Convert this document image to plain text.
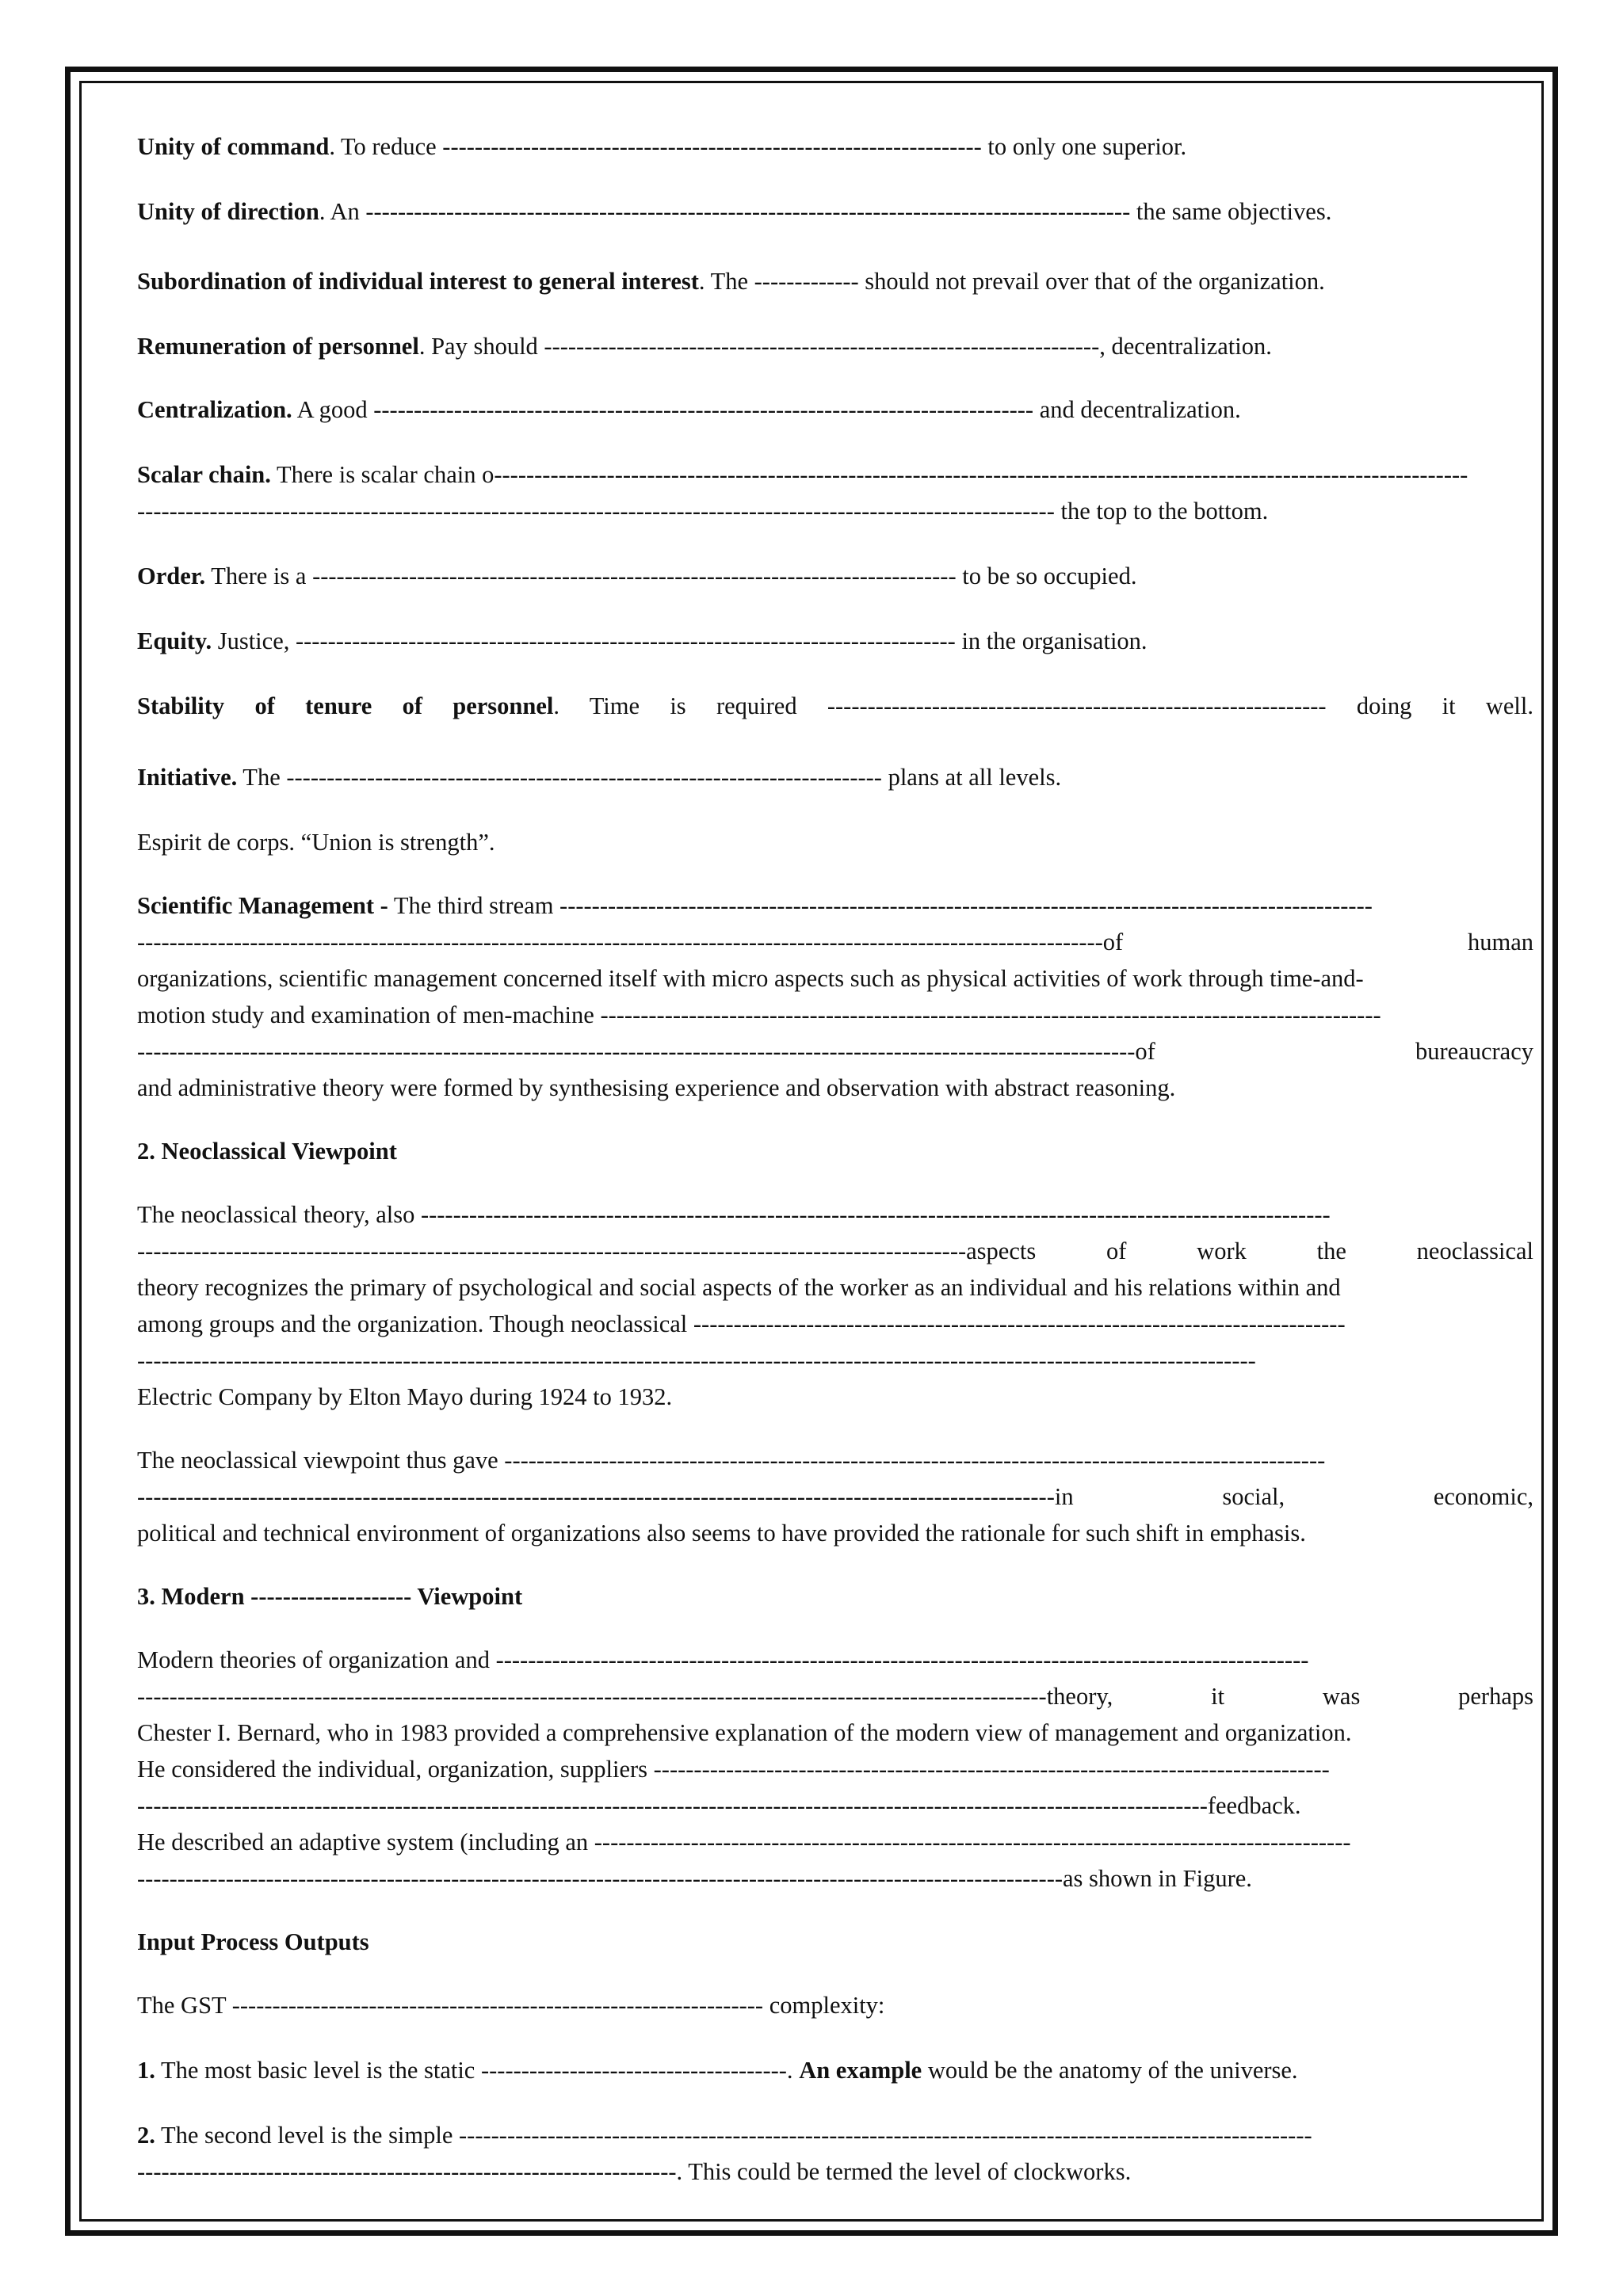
Unity of command. To reduce ------------------------------------------------------------------- to only one superior.

Unity of direction. An ----------------------------------------------------------------------------------------------- the same objectives.

Subordination of individual interest to general interest. The ------------- should not prevail over that of the organization.

Remuneration of personnel. Pay should ---------------------------------------------------------------------, decentralization.

Centralization. A good ---------------------------------------------------------------------------------- and decentralization.

Scalar chain. There is scalar chain o-------------------------------------------------------------------------------------------------------------------------
------------------------------------------------------------------------------------------------------------------ the top to the bottom.

Order. There is a -------------------------------------------------------------------------------- to be so occupied.

Equity. Justice, ---------------------------------------------------------------------------------- in the organisation.

Stability of tenure of personnel. Time is required -------------------------------------------------------------- doing it well.

Initiative. The -------------------------------------------------------------------------- plans at all levels.

Espirit de corps. “Union is strength”.

Scientific Management - The third stream -----------------------------------------------------------------------------------------------------
------------------------------------------------------------------------------------------------------------------------of	human
organizations, scientific management concerned itself with micro aspects such as physical activities of work through time-and-
motion study and examination of men-machine -------------------------------------------------------------------------------------------------
----------------------------------------------------------------------------------------------------------------------------of	bureaucracy
and administrative theory were formed by synthesising experience and observation with abstract reasoning.

2. Neoclassical Viewpoint

The neoclassical theory, also -----------------------------------------------------------------------------------------------------------------
-------------------------------------------------------------------------------------------------------aspects	of work the neoclassical
theory recognizes the primary of psychological and social aspects of the worker as an individual and his relations within and
among groups and the organization. Though neoclassical ---------------------------------------------------------------------------------
-------------------------------------------------------------------------------------------------------------------------------------------
Electric Company by Elton Mayo during 1924 to 1932.
The neoclassical viewpoint thus gave ------------------------------------------------------------------------------------------------------
------------------------------------------------------------------------------------------------------------------in	social, economic,
political and technical environment of organizations also seems to have provided the rationale for such shift in emphasis.

3. Modern -------------------- Viewpoint

Modern theories of organization and -----------------------------------------------------------------------------------------------------
-----------------------------------------------------------------------------------------------------------------theory,	it was perhaps
Chester I. Bernard, who in 1983 provided a comprehensive explanation of the modern view of management and organization.
He considered the individual, organization, suppliers ------------------------------------------------------------------------------------
-------------------------------------------------------------------------------------------------------------------------------------feedback.
He described an adaptive system (including an ----------------------------------------------------------------------------------------------
-------------------------------------------------------------------------------------------------------------------as shown in Figure.

Input Process Outputs

The GST ------------------------------------------------------------------ complexity:

1. The most basic level is the static --------------------------------------. An example would be the anatomy of the universe.

2. The second level is the simple ----------------------------------------------------------------------------------------------------------
-------------------------------------------------------------------. This could be termed the level of clockworks.
